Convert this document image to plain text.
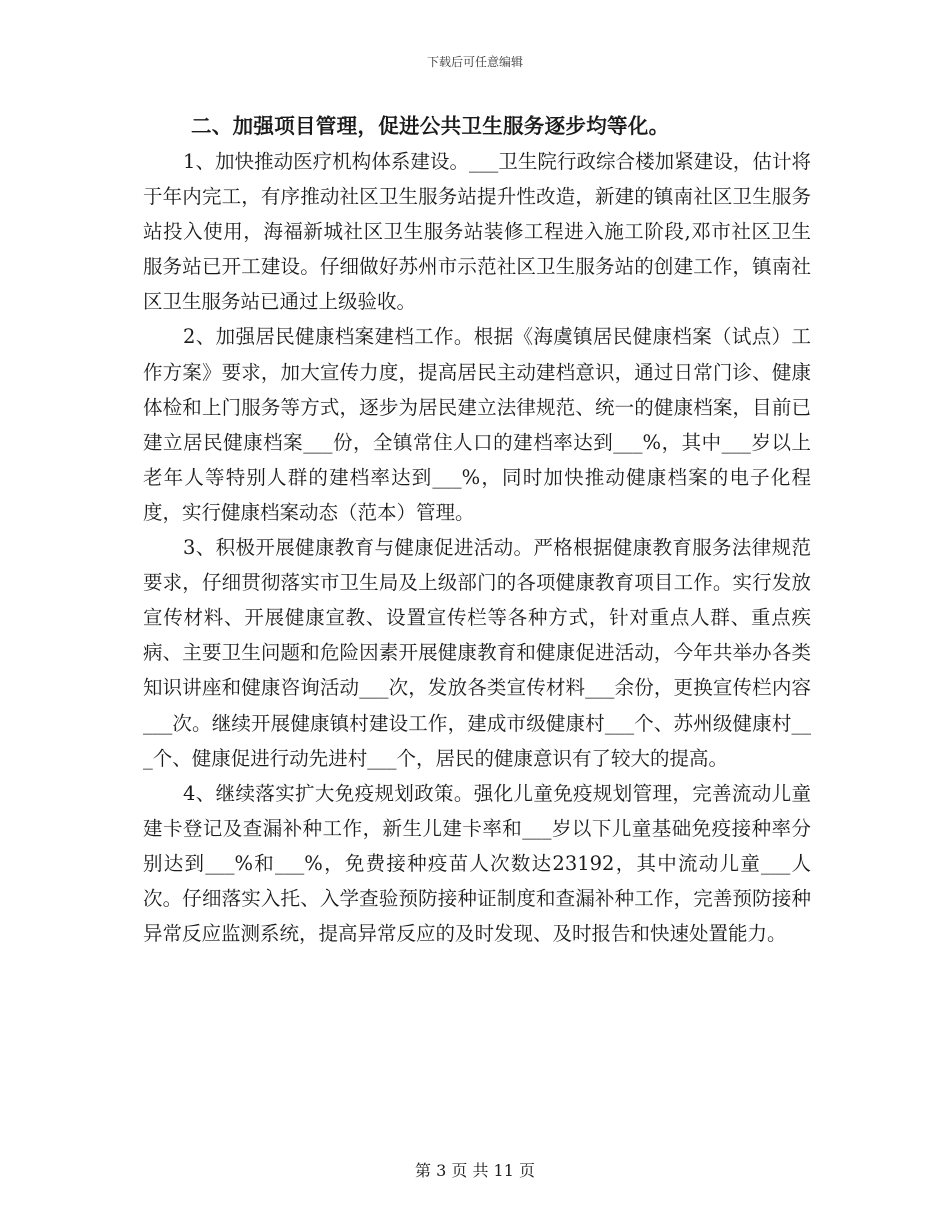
下载后可任意编辑

二、加强项目管理，促进公共卫生服务逐步均等化。

1、加快推动医疗机构体系建设。___卫生院行政综合楼加紧建设，估计将于年内完工，有序推动社区卫生服务站提升性改造，新建的镇南社区卫生服务站投入使用，海福新城社区卫生服务站装修工程进入施工阶段,邓市社区卫生服务站已开工建设。仔细做好苏州市示范社区卫生服务站的创建工作，镇南社区卫生服务站已通过上级验收。

2、加强居民健康档案建档工作。根据《海虞镇居民健康档案（试点）工作方案》要求，加大宣传力度，提高居民主动建档意识，通过日常门诊、健康体检和上门服务等方式，逐步为居民建立法律规范、统一的健康档案，目前已建立居民健康档案___份，全镇常住人口的建档率达到___%，其中___岁以上老年人等特别人群的建档率达到___%，同时加快推动健康档案的电子化程度，实行健康档案动态（范本）管理。

3、积极开展健康教育与健康促进活动。严格根据健康教育服务法律规范要求，仔细贯彻落实市卫生局及上级部门的各项健康教育项目工作。实行发放宣传材料、开展健康宣教、设置宣传栏等各种方式，针对重点人群、重点疾病、主要卫生问题和危险因素开展健康教育和健康促进活动，今年共举办各类知识讲座和健康咨询活动___次，发放各类宣传材料___余份，更换宣传栏内容___次。继续开展健康镇村建设工作，建成市级健康村___个、苏州级健康村___个、健康促进行动先进村___个，居民的健康意识有了较大的提高。

4、继续落实扩大免疫规划政策。强化儿童免疫规划管理，完善流动儿童建卡登记及查漏补种工作，新生儿建卡率和___岁以下儿童基础免疫接种率分别达到___%和___%，免费接种疫苗人次数达23192，其中流动儿童___人次。仔细落实入托、入学查验预防接种证制度和查漏补种工作，完善预防接种异常反应监测系统，提高异常反应的及时发现、及时报告和快速处置能力。

第 3 页 共 11 页
